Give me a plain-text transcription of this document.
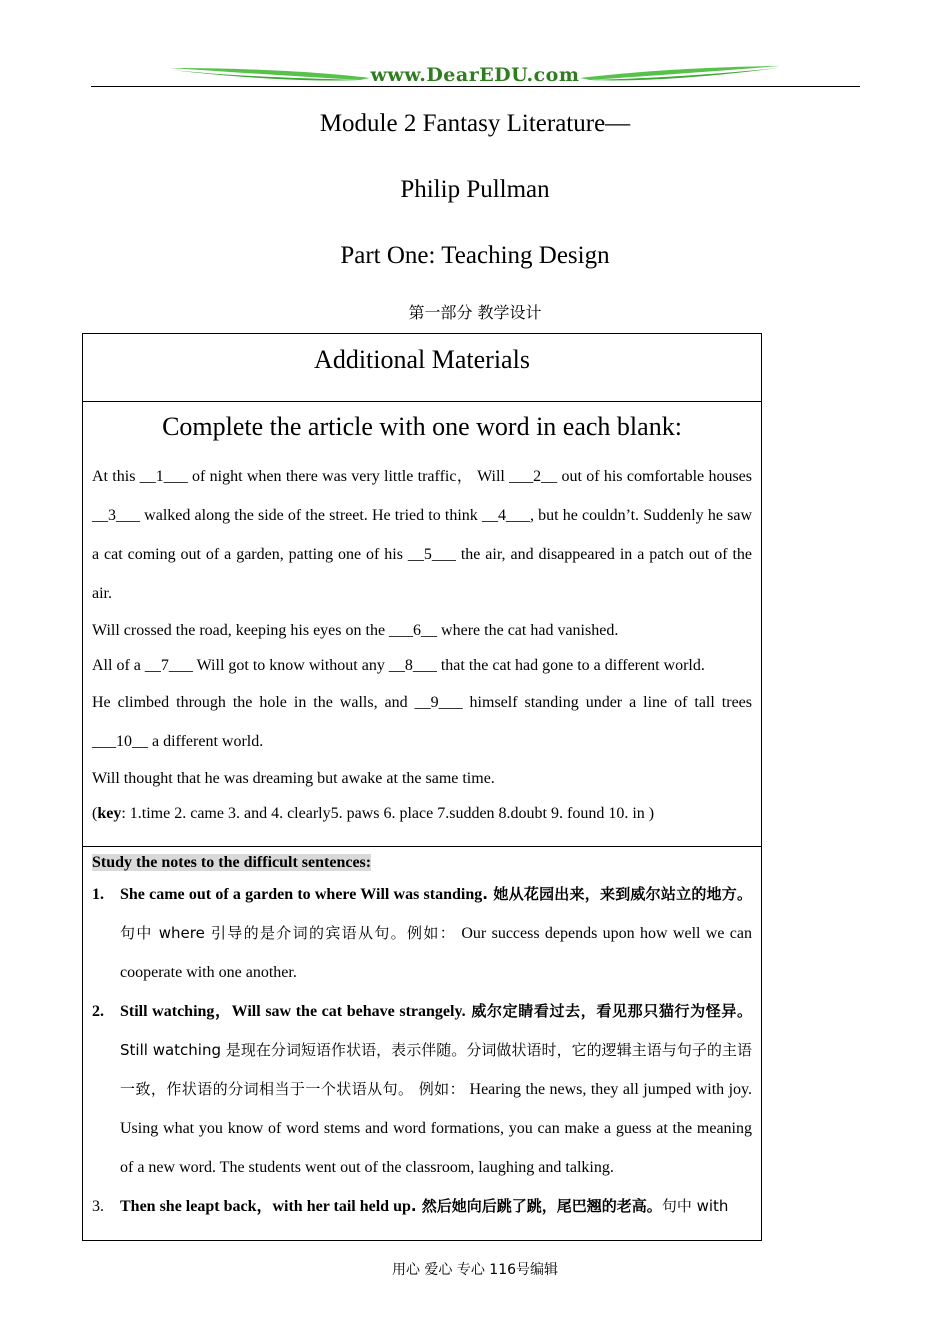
www.DearEDU.com
Module 2 Fantasy Literature—
Philip Pullman
Part One: Teaching Design
第一部分 教学设计
Additional Materials
Complete the article with one word in each blank:
At this __1___ of night when there was very little traffic， Will ___2__ out of his comfortable houses __3___ walked along the side of the street. He tried to think __4___, but he couldn’t. Suddenly he saw a cat coming out of a garden, patting one of his __5___ the air, and disappeared in a patch out of the air.
Will crossed the road, keeping his eyes on the ___6__ where the cat had vanished.
All of a __7___ Will got to know without any __8___ that the cat had gone to a different world.
He climbed through the hole in the walls, and __9___ himself standing under a line of tall trees ___10__ a different world.
Will thought that he was dreaming but awake at the same time.
(key: 1.time 2. came 3. and 4. clearly5. paws 6. place 7.sudden 8.doubt 9. found 10. in )
Study the notes to the difficult sentences:
1. She came out of a garden to where Will was standing. 她从花园出来，来到威尔站立的地方。句中 where 引导的是介词的宾语从句。例如： Our success depends upon how well we can cooperate with one another.
2. Still watching，Will saw the cat behave strangely. 威尔定睛看过去，看见那只猫行为怪异。Still watching 是现在分词短语作状语，表示伴随。分词做状语时，它的逻辑主语与句子的主语一致，作状语的分词相当于一个状语从句。 例如： Hearing the news, they all jumped with joy. Using what you know of word stems and word formations, you can make a guess at the meaning of a new word. The students went out of the classroom, laughing and talking.
3. Then she leapt back，with her tail held up. 然后她向后跳了跳，尾巴翘的老高。句中 with
用心 爱心 专心 116号编辑
